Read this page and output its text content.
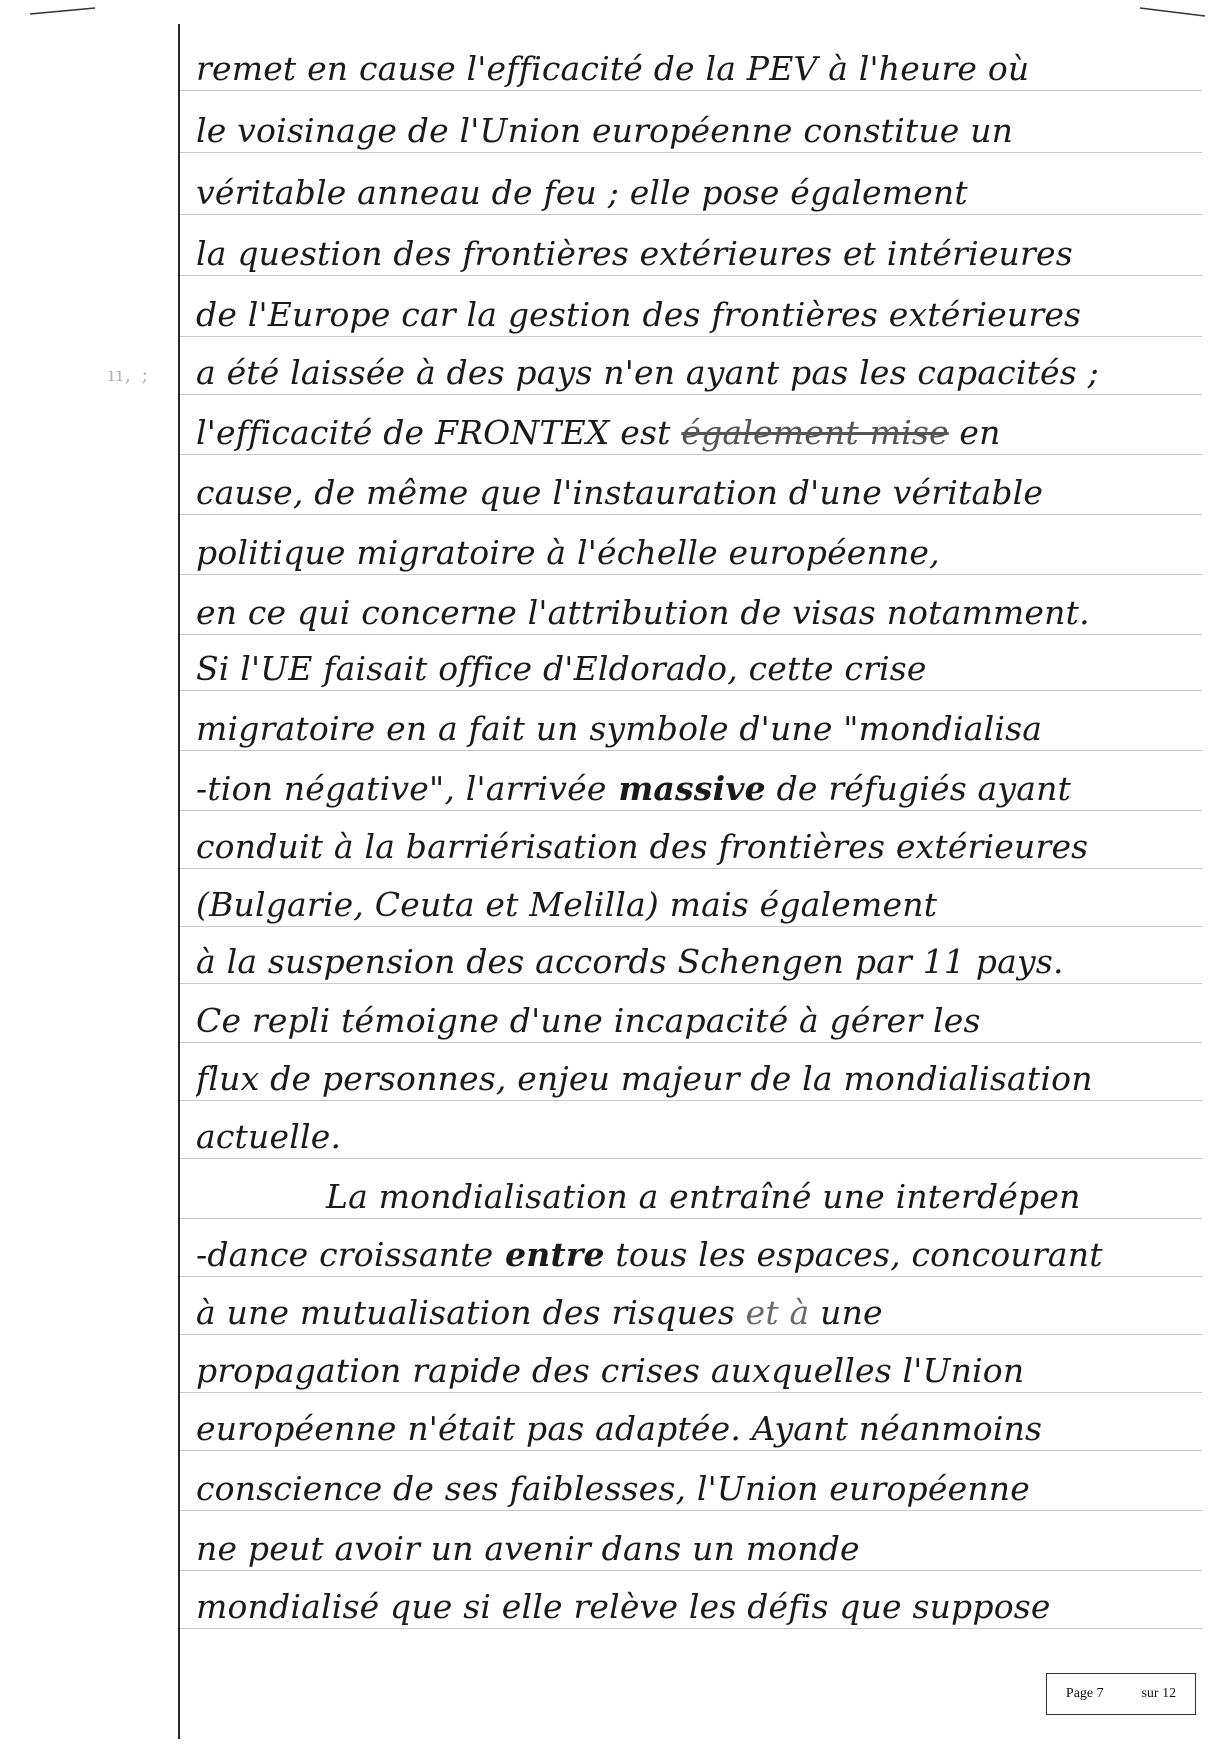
ıı, ;
remet en cause l'efficacité de la PEV à l'heure où
le voisinage de l'Union européenne constitue un
véritable anneau de feu ; elle pose également
la question des frontières extérieures et intérieures
de l'Europe car la gestion des frontières extérieures
a été laissée à des pays n'en ayant pas les capacités ;
l'efficacité de FRONTEX est également mise en
cause, de même que l'instauration d'une véritable
politique migratoire à l'échelle européenne,
en ce qui concerne l'attribution de visas notamment.
Si l'UE faisait office d'Eldorado, cette crise
migratoire en a fait un symbole d'une "mondialisa
-tion négative", l'arrivée massive de réfugiés ayant
conduit à la barriérisation des frontières extérieures
(Bulgarie, Ceuta et Melilla) mais également
à la suspension des accords Schengen par 11 pays.
Ce repli témoigne d'une incapacité à gérer les
flux de personnes, enjeu majeur de la mondialisation
actuelle.
La mondialisation a entraîné une interdépen
-dance croissante entre tous les espaces, concourant
à une mutualisation des risques et à une
propagation rapide des crises auxquelles l'Union
européenne n'était pas adaptée. Ayant néanmoins
conscience de ses faiblesses, l'Union européenne
ne peut avoir un avenir dans un monde
mondialisé que si elle relève les défis que suppose
Page 7	sur 12
